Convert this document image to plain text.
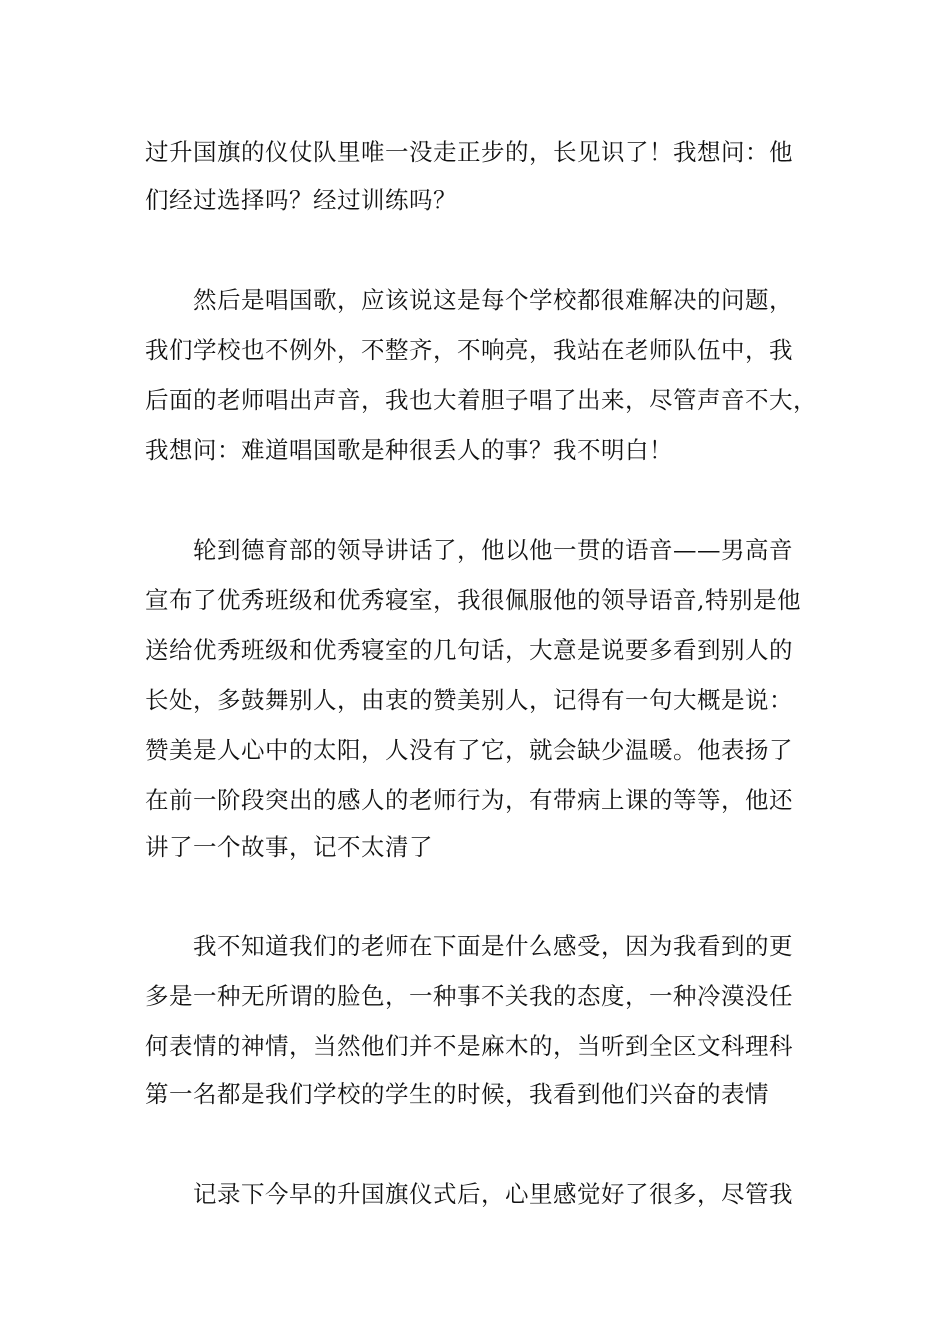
过升国旗的仪仗队里唯一没走正步的，长见识了！我想问：他
们经过选择吗？经过训练吗？
然后是唱国歌，应该说这是每个学校都很难解决的问题，
我们学校也不例外，不整齐，不响亮，我站在老师队伍中，我
后面的老师唱出声音，我也大着胆子唱了出来，尽管声音不大，
我想问：难道唱国歌是种很丢人的事？我不明白！
轮到德育部的领导讲话了，他以他一贯的语音——男高音
宣布了优秀班级和优秀寝室，我很佩服他的领导语音,特别是他
送给优秀班级和优秀寝室的几句话，大意是说要多看到别人的
长处，多鼓舞别人，由衷的赞美别人，记得有一句大概是说：
赞美是人心中的太阳，人没有了它，就会缺少温暖。他表扬了
在前一阶段突出的感人的老师行为，有带病上课的等等，他还
讲了一个故事，记不太清了
我不知道我们的老师在下面是什么感受，因为我看到的更
多是一种无所谓的脸色，一种事不关我的态度，一种冷漠没任
何表情的神情，当然他们并不是麻木的，当听到全区文科理科
第一名都是我们学校的学生的时候，我看到他们兴奋的表情
记录下今早的升国旗仪式后，心里感觉好了很多，尽管我
